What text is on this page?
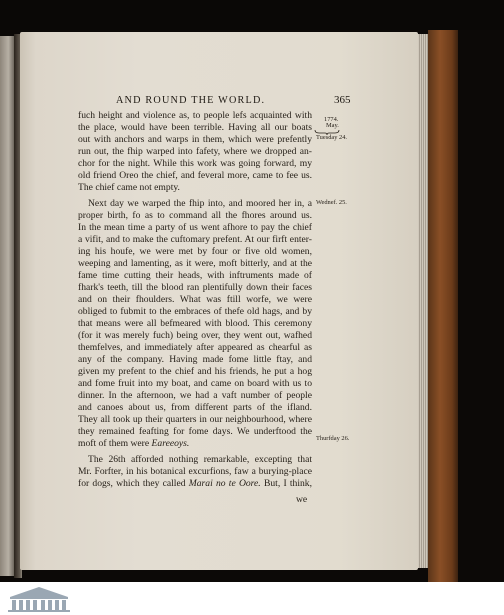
AND ROUND THE WORLD.	365
1774.
May.
Tuesday 24.
Wednef. 25.
Thurfday 26.
fuch height and violence as, to people lefs acquainted with
the place, would have been terrible. Having all our boats
out with anchors and warps in them, which were prefently
run out, the fhip warped into fafety, where we dropped an-
chor for the night. While this work was going forward, my
old friend Oreo the chief, and feveral more, came to fee us.
The chief came not empty.
Next day we warped the fhip into, and moored her in, a
proper birth, fo as to command all the fhores around us.
In the mean time a party of us went afhore to pay the chief
a vifit, and to make the cuftomary prefent. At our firft enter-
ing his houfe, we were met by four or five old women,
weeping and lamenting, as it were, moft bitterly, and at the
fame time cutting their heads, with inftruments made of
fhark's teeth, till the blood ran plentifully down their faces
and on their fhoulders. What was ftill worfe, we were
obliged to fubmit to the embraces of thefe old hags, and by
that means were all befmeared with blood. This ceremony
(for it was merely fuch) being over, they went out, wafhed
themfelves, and immediately after appeared as chearful as
any of the company. Having made fome little ftay, and
given my prefent to the chief and his friends, he put a hog
and fome fruit into my boat, and came on board with us to
dinner. In the afternoon, we had a vaft number of people
and canoes about us, from different parts of the ifland.
They all took up their quarters in our neighbourhood, where
they remained feafting for fome days. We underftood the
moft of them were Eareeoys.
The 26th afforded nothing remarkable, excepting that
Mr. Forfter, in his botanical excurfions, faw a burying-place
for dogs, which they called Marai no te Oore. But, I think,
we
